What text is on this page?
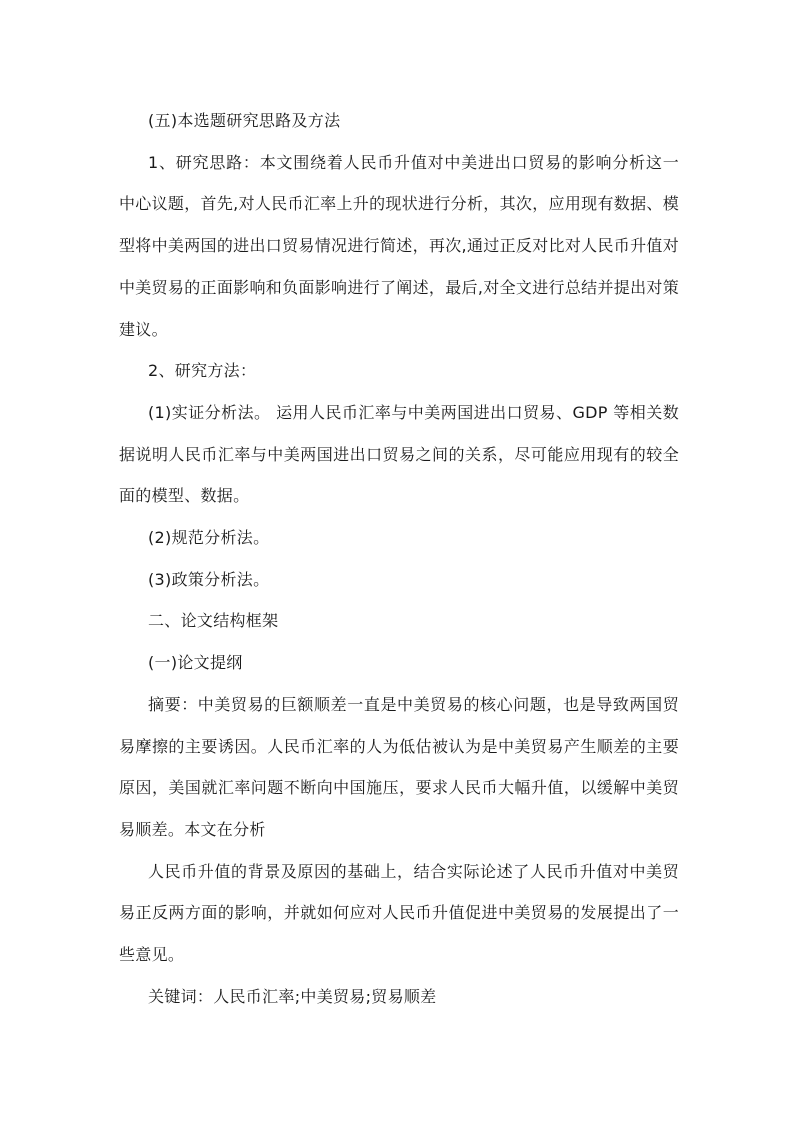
(五)本选题研究思路及方法

1、研究思路：本文围绕着人民币升值对中美进出口贸易的影响分析这一中心议题，首先,对人民币汇率上升的现状进行分析，其次，应用现有数据、模型将中美两国的进出口贸易情况进行简述，再次,通过正反对比对人民币升值对中美贸易的正面影响和负面影响进行了阐述，最后,对全文进行总结并提出对策建议。

2、研究方法：

(1)实证分析法。 运用人民币汇率与中美两国进出口贸易、GDP 等相关数据说明人民币汇率与中美两国进出口贸易之间的关系，尽可能应用现有的较全面的模型、数据。

(2)规范分析法。

(3)政策分析法。

二、论文结构框架

(一)论文提纲

摘要：中美贸易的巨额顺差一直是中美贸易的核心问题，也是导致两国贸易摩擦的主要诱因。人民币汇率的人为低估被认为是中美贸易产生顺差的主要原因，美国就汇率问题不断向中国施压，要求人民币大幅升值，以缓解中美贸易顺差。本文在分析

人民币升值的背景及原因的基础上，结合实际论述了人民币升值对中美贸易正反两方面的影响，并就如何应对人民币升值促进中美贸易的发展提出了一些意见。

关键词：人民币汇率;中美贸易;贸易顺差
